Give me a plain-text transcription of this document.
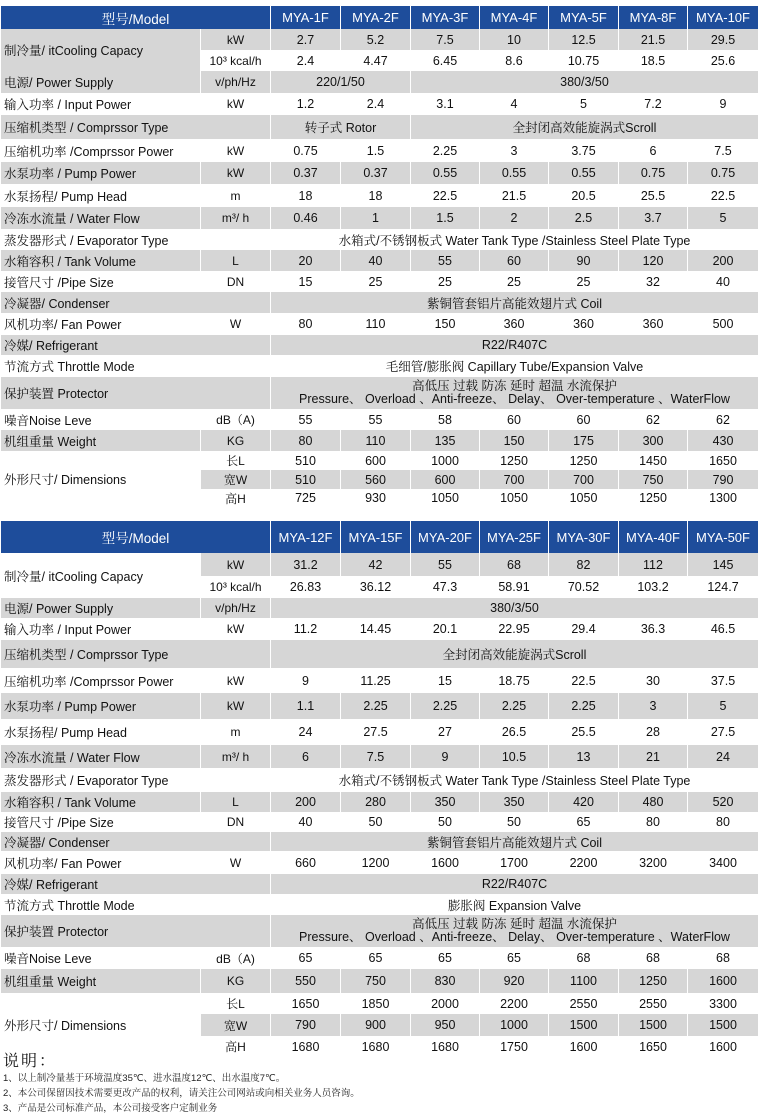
型号/Model		MYA-1F	MYA-2F	MYA-3F	MYA-4F	MYA-5F	MYA-8F	MYA-10F
制冷量/ itCooling Capacy	kW	2.7	5.2	7.5	10	12.5	21.5	29.5
	10³ kcal/h	2.4	4.47	6.45	8.6	10.75	18.5	25.6
电源/ Power Supply	v/ph/Hz	220/1/50		380/3/50				
输入功率 / Input Power	kW	1.2	2.4	3.1	4	5	7.2	9
压缩机类型 / Comprssor Type		转子式 Rotor		全封闭高效能旋涡式Scroll				
压缩机功率 /Comprssor Power	kW	0.75	1.5	2.25	3	3.75	6	7.5
水泵功率 / Pump Power	kW	0.37	0.37	0.55	0.55	0.55	0.75	0.75
水泵扬程/ Pump Head	m	18	18	22.5	21.5	20.5	25.5	22.5
冷冻水流量 / Water Flow	m³/ h	0.46	1	1.5	2	2.5	3.7	5
蒸发器形式 / Evaporator Type		水箱式/不锈钢板式 Water Tank Type /Stainless Steel Plate Type						
水箱容积 / Tank Volume	L	20	40	55	60	90	120	200
接管尺寸 /Pipe Size	DN	15	25	25	25	25	32	40
冷凝器/ Condenser		紫铜管套铝片高能效翅片式 Coil						
风机功率/ Fan Power	W	80	110	150	360	360	360	500
冷媒/ Refrigerant		R22/R407C						
节流方式 Throttle Mode		毛细管/膨胀阀 Capillary Tube/Expansion Valve						
保护装置 Protector		高低压 过载 防冻 延时 超温 水流保护
Pressure、 Overload 、Anti-freeze、 Delay、 Over-temperature 、WaterFlow						

噪音Noise Leve	dB（A)	55	55	58	60	60	62	62
机组重量 Weight	KG	80	110	135	150	175	300	430
外形尺寸/ Dimensions	长L	510	600	1000	1250	1250	1450	1650
	宽W	510	560	600	700	700	750	790
	高H	725	930	1050	1050	1050	1250	1300
型号/Model		MYA-12F	MYA-15F	MYA-20F	MYA-25F	MYA-30F	MYA-40F	MYA-50F
制冷量/ itCooling Capacy	kW	31.2	42	55	68	82	112	145
	10³ kcal/h	26.83	36.12	47.3	58.91	70.52	103.2	124.7
电源/ Power Supply	v/ph/Hz	380/3/50						
输入功率 / Input Power	kW	11.2	14.45	20.1	22.95	29.4	36.3	46.5
压缩机类型 / Comprssor Type		全封闭高效能旋涡式Scroll						
压缩机功率 /Comprssor Power	kW	9	11.25	15	18.75	22.5	30	37.5
水泵功率 / Pump Power	kW	1.1	2.25	2.25	2.25	2.25	3	5
水泵扬程/ Pump Head	m	24	27.5	27	26.5	25.5	28	27.5
冷冻水流量 / Water Flow	m³/ h	6	7.5	9	10.5	13	21	24
蒸发器形式 / Evaporator Type		水箱式/不锈钢板式 Water Tank Type /Stainless Steel Plate Type						
水箱容积 / Tank Volume	L	200	280	350	350	420	480	520
接管尺寸 /Pipe Size	DN	40	50	50	50	65	80	80
冷凝器/ Condenser		紫铜管套铝片高能效翅片式 Coil						
风机功率/ Fan Power	W	660	1200	1600	1700	2200	3200	3400
冷媒/ Refrigerant		R22/R407C						
节流方式 Throttle Mode		膨胀阀 Expansion Valve						
保护装置 Protector		高低压 过载 防冻 延时 超温 水流保护
Pressure、 Overload 、Anti-freeze、 Delay、 Over-temperature 、WaterFlow						

噪音Noise Leve	dB（A)	65	65	65	65	68	68	68
机组重量 Weight	KG	550	750	830	920	1100	1250	1600
外形尺寸/ Dimensions	长L	1650	1850	2000	2200	2550	2550	3300
	宽W	790	900	950	1000	1500	1500	1500
	高H	1680	1680	1680	1750	1600	1650	1600
说明：
1、以上制冷量基于环境温度35℃、进水温度12℃、出水温度7℃。
2、本公司保留因技术需要更改产品的权利，请关注公司网站或向相关业务人员咨询。
3、产品是公司标准产品，本公司接受客户定制业务
